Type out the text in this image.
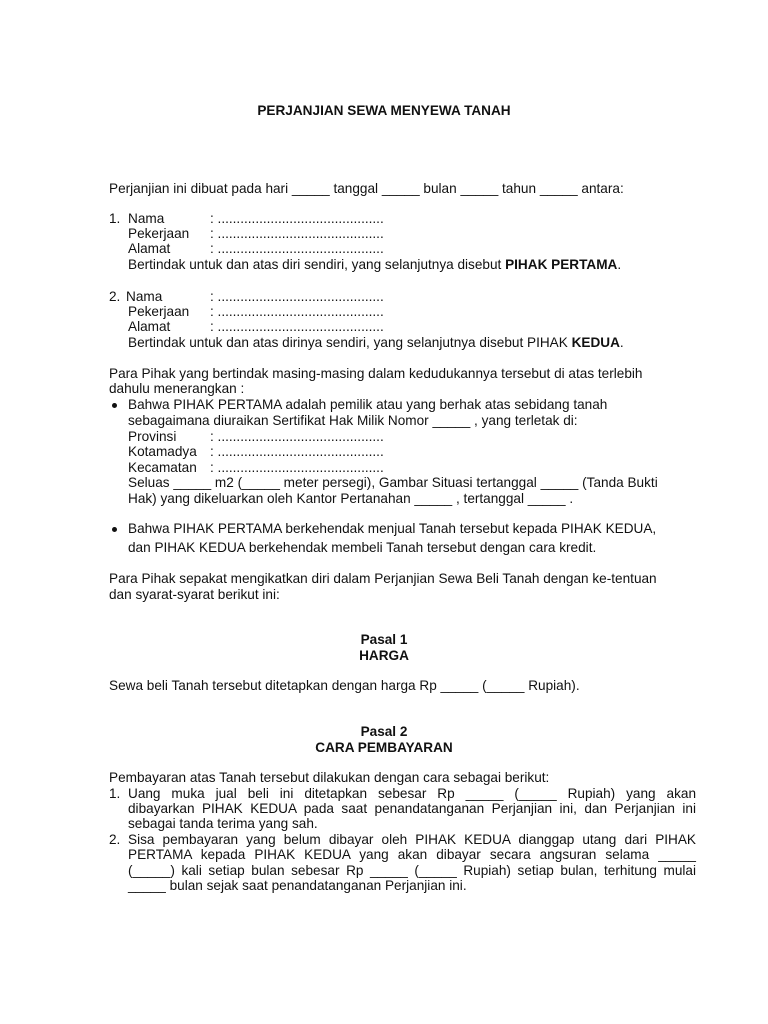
PERJANJIAN SEWA MENYEWA TANAH
Perjanjian ini dibuat pada hari _____ tanggal _____ bulan _____ tahun _____ antara:
1. Nama	: ............................................
Pekerjaan : ............................................
Alamat	: ............................................
Bertindak untuk dan atas diri sendiri, yang selanjutnya disebut PIHAK PERTAMA.
2. Nama	: ............................................
Pekerjaan : ............................................
Alamat	: ............................................
Bertindak untuk dan atas dirinya sendiri, yang selanjutnya disebut PIHAK KEDUA.
Para Pihak yang bertindak masing-masing dalam kedudukannya tersebut di atas terlebih
dahulu menerangkan :
Bahwa PIHAK PERTAMA adalah pemilik atau yang berhak atas sebidang tanah
sebagaimana diuraikan Sertifikat Hak Milik Nomor _____ , yang terletak di:
Provinsi : ............................................
Kotamadya : ............................................
Kecamatan : ............................................
Seluas _____ m2 (_____ meter persegi), Gambar Situasi tertanggal _____ (Tanda Bukti
Hak) yang dikeluarkan oleh Kantor Pertanahan _____ , tertanggal _____ .
Bahwa PIHAK PERTAMA berkehendak menjual Tanah tersebut kepada PIHAK KEDUA,
dan PIHAK KEDUA berkehendak membeli Tanah tersebut dengan cara kredit.
Para Pihak sepakat mengikatkan diri dalam Perjanjian Sewa Beli Tanah dengan ke-tentuan
dan syarat-syarat berikut ini:
Pasal 1
HARGA
Sewa beli Tanah tersebut ditetapkan dengan harga Rp _____ (_____ Rupiah).
Pasal 2
CARA PEMBAYARAN
Pembayaran atas Tanah tersebut dilakukan dengan cara sebagai berikut:
1. Uang muka jual beli ini ditetapkan sebesar Rp _____ (_____ Rupiah) yang akan
dibayarkan PIHAK KEDUA pada saat penandatanganan Perjanjian ini, dan Perjanjian ini
sebagai tanda terima yang sah.
2. Sisa pembayaran yang belum dibayar oleh PIHAK KEDUA dianggap utang dari PIHAK
PERTAMA kepada PIHAK KEDUA yang akan dibayar secara angsuran selama _____
(_____) kali setiap bulan sebesar Rp _____ (_____ Rupiah) setiap bulan, terhitung mulai
_____ bulan sejak saat penandatanganan Perjanjian ini.
